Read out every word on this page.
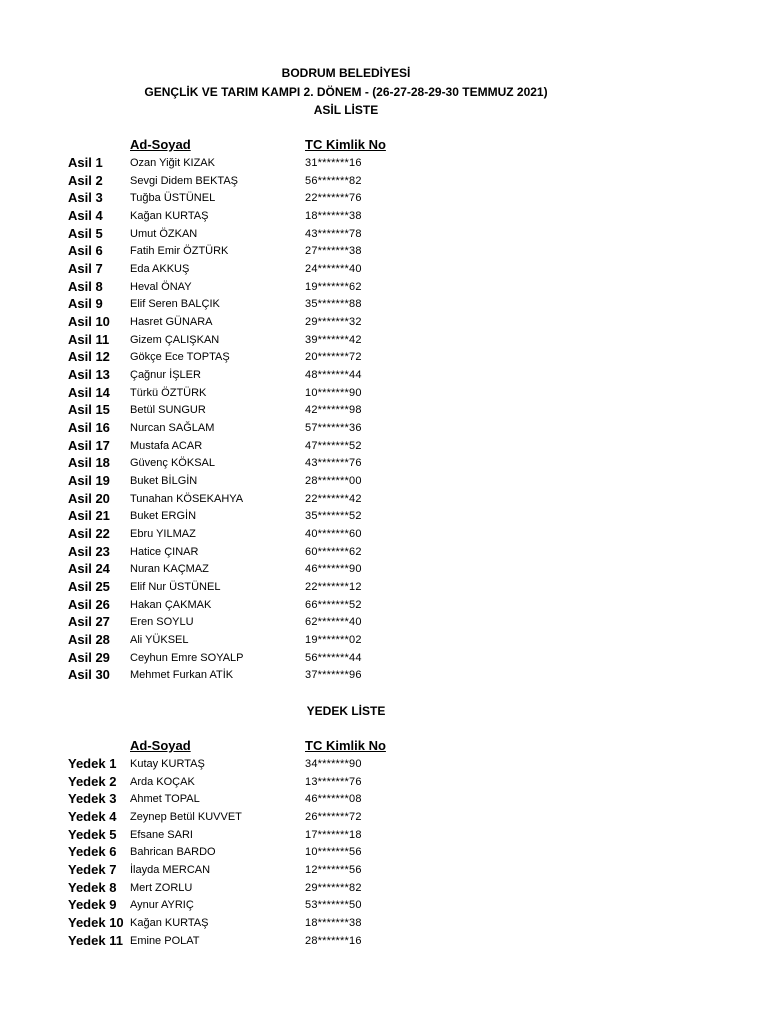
BODRUM BELEDİYESİ
GENÇLİK VE TARIM KAMPI 2. DÖNEM - (26-27-28-29-30 TEMMUZ 2021)
ASİL LİSTE
Ad-Soyad	TC Kimlik No
Asil 1 Ozan Yiğit KIZAK	31*******16
Asil 2 Sevgi Didem BEKTAŞ	56*******82
Asil 3 Tuğba ÜSTÜNEL	22*******76
Asil 4 Kağan KURTAŞ	18*******38
Asil 5 Umut ÖZKAN	43*******78
Asil 6 Fatih Emir ÖZTÜRK	27*******38
Asil 7 Eda AKKUŞ	24*******40
Asil 8 Heval ÖNAY	19*******62
Asil 9 Elif Seren BALÇIK	35*******88
Asil 10 Hasret GÜNARA	29*******32
Asil 11 Gizem ÇALIŞKAN	39*******42
Asil 12 Gökçe Ece TOPTAŞ	20*******72
Asil 13 Çağnur İŞLER	48*******44
Asil 14 Türkü ÖZTÜRK	10*******90
Asil 15 Betül SUNGUR	42*******98
Asil 16 Nurcan SAĞLAM	57*******36
Asil 17 Mustafa ACAR	47*******52
Asil 18 Güvenç KÖKSAL	43*******76
Asil 19 Buket BİLGİN	28*******00
Asil 20 Tunahan KÖSEKAHYA	22*******42
Asil 21 Buket ERGİN	35*******52
Asil 22 Ebru YILMAZ	40*******60
Asil 23 Hatice ÇINAR	60*******62
Asil 24 Nuran KAÇMAZ	46*******90
Asil 25 Elif Nur ÜSTÜNEL	22*******12
Asil 26 Hakan ÇAKMAK	66*******52
Asil 27 Eren SOYLU	62*******40
Asil 28 Ali YÜKSEL	19*******02
Asil 29 Ceyhun Emre SOYALP	56*******44
Asil 30 Mehmet Furkan ATİK	37*******96
YEDEK LİSTE
Ad-Soyad	TC Kimlik No
Yedek 1 Kutay KURTAŞ	34*******90
Yedek 2 Arda KOÇAK	13*******76
Yedek 3 Ahmet TOPAL	46*******08
Yedek 4 Zeynep Betül KUVVET	26*******72
Yedek 5 Efsane SARI	17*******18
Yedek 6 Bahrican BARDO	10*******56
Yedek 7 İlayda MERCAN	12*******56
Yedek 8 Mert ZORLU	29*******82
Yedek 9 Aynur AYRIÇ	53*******50
Yedek 10 Kağan KURTAŞ	18*******38
Yedek 11 Emine POLAT	28*******16
